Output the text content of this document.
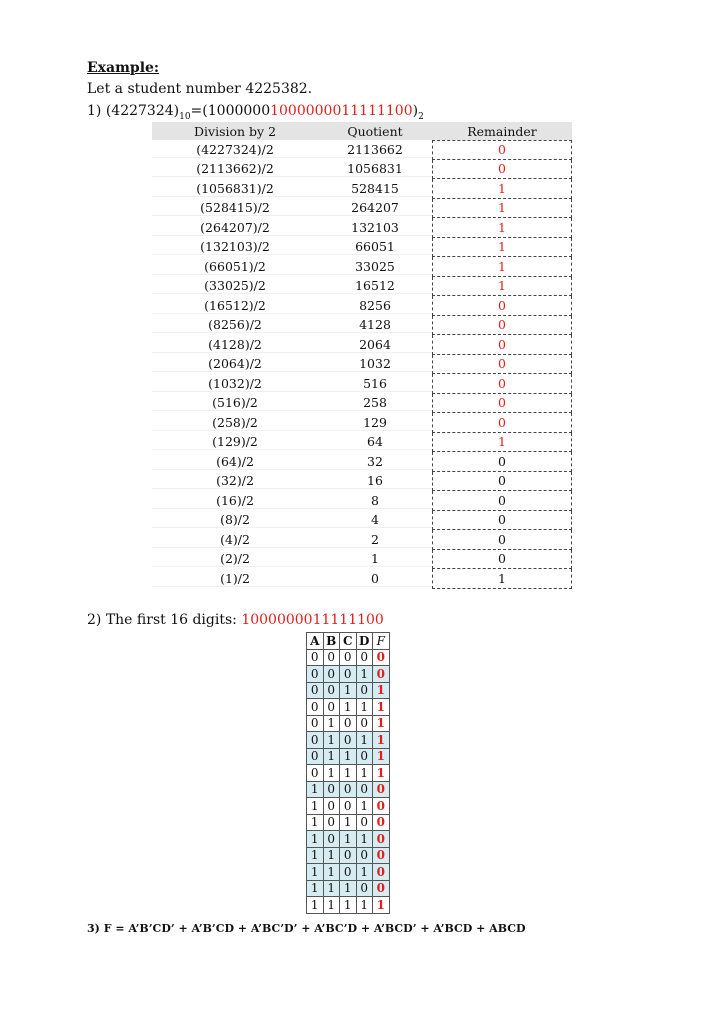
Example:
Let a student number 4225382.
1) $(4227324)_{10}=(10000001000000011111100)_2$
Division by 2	Quotient	Remainder
(4227324)/2	2113662	0
(2113662)/2	1056831	0
(1056831)/2	528415	1
(528415)/2	264207	1
(264207)/2	132103	1
(132103)/2	66051	1
(66051)/2	33025	1
(33025)/2	16512	1
(16512)/2	8256	0
(8256)/2	4128	0
(4128)/2	2064	0
(2064)/2	1032	0
(1032)/2	516	0
(516)/2	258	0
(258)/2	129	0
(129)/2	64	1
(64)/2	32	0
(32)/2	16	0
(16)/2	8	0
(8)/2	4	0
(4)/2	2	0
(2)/2	1	0
(1)/2	0	1
2) The first 16 digits: 1000000011111100
A	B	C	D	F
0	0	0	0	0
0	0	0	1	0
0	0	1	0	1
0	0	1	1	1
0	1	0	0	1
0	1	0	1	1
0	1	1	0	1
0	1	1	1	1
1	0	0	0	0
1	0	0	1	0
1	0	1	0	0
1	0	1	1	0
1	1	0	0	0
1	1	0	1	0
1	1	1	0	0
1	1	1	1	1
3) F = A’B’CD’ + A’B’CD + A’BC’D’ + A’BC’D + A’BCD’ + A’BCD + ABCD
